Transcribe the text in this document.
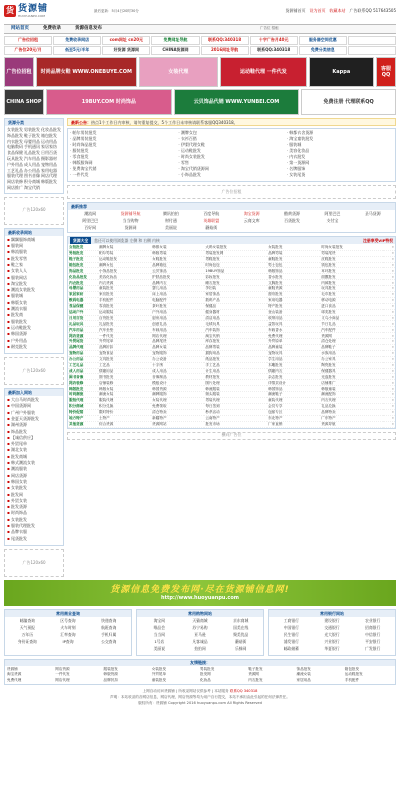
货 货源铺
HUOYUANPU.COM
最后更新：5月4日20时30分	货源铺首页 设为首页 收藏本站 广告联系QQ 517643505
广告位 招租
网站首页	免费收录	货源信息发布
广告位招租	免费收录网店	com网址 cn20元	免费网址导航	联系QQ:340318	十字广告月40元	服务器空间优惠
广告位20元/月	低至5元/半年	好货源 货源网	CHINA货源网	2016网址导航	联系QQ:340318	免费分类信息
广告位招租	时尚品牌女鞋 WWW.ONEBUYE.COM	女装代理	运动鞋代理 一件代发	Kappa	客服QQ
CHINA SHOP	19BUY.COM 时尚饰品	云贝饰品代销 WWW.YUNBEI.COM	免费注册 代理联系QQ
货源分类
女装批发 男装批发 化妆品批发
饰品批发 鞋子批发 箱包批发
内衣批发 母婴用品 运动用品
电脑数码 手机通讯 家居家纺
食品保健 礼品批发 日用百货
玩具批发 汽车用品 摄影器材
户外用品 成人用品 宠物用品
工艺礼品 办公用品 家用电器
服装代理 图书音像 网店代理
网店装修 积分商城 韩版批发
网店推广 淘宝代销
广告120x60
最新收录网站
▪ 飘飘服饰商城
▪ 服装网
▪ 韩流服装
▪ 批发零售
▪ 鞋之家
▪ 女装人人
▪ 服装网店
▪ 淘宝批发
▪ 潮流女装批发
▪ 服装城
▪ 韩版女装
▪ 潮流衣服
▪ 批发商
▪ 服装批发
▪ 运动鞋批发
▪ 韩国货源
▪ 户外用品
▪ 耐克批发
广告120x60
最新加入网站
▪ 大自马时尚批发
▪ 中国货源网
▪ 广州户外服装
▪ 金夏天货源批发
▪ 湖州货源
▪ 饰品批发
▪ 【诚信供应】
▪ 外贸尾单
▪ 湖北女装
▪ 批发商城
▪ 韩式潮流女装
▪ 潮流服装
▪ 网店货源
▪ 韩国女装
▪ 女装批发
▪ 批发网
▪ 外贸女装
▪ 批发货源
▪ 时尚饰品
▪ 女装批发
▪ 服装代理批发
▪ 品牌衣服
▪ 尾货批发
广告120x60
最新公告：热点1个工作日内审核，请勿重复提交，5个工作日未审核请联系客服QQ340318。
· 帕尔男装批发	· 潮牌女包	· 韩都衣舍货源
· 品牌男装批发	· 衣衫百搭	· 淘宝童装批发
· 时尚饰品批发	· 伊梨代理女鞋	· 服装城
· 服装批发	· 运动鞋批发	· 美容化妆品
· 零食批发	· 时尚女装批发	· 内衣批发
· 韩版服饰网	· 零售	· 第一货源网
· 免费淘宝代销	· 淘宝代销货源网	· 名牌服饰
· 一件代发	· 小饰品批发	· 女装尾货
广告位招租
最新推荐
潮流网	货源铺导航	腾讯拍拍	百度导航	淘宝货源	酷黄货源	阿里巴巴	圣马货源
阿里巴巴	当当购物	财付通	英雄联盟	云商文库	百货批发	支付宝
百好网	货源网	美丽说	蘑菇街
货源大全	您还可以使用浏览器 左侧 和 右侧 内核	注册享受VIP特权
女装批发	潮牌女装	韩都女装	大码女装批发	女装批发	时尚女装批发	»
男装批发	帕尔男装	韩版男装	男装批发网	品牌男装	男装尾货	»
鞋子批发	运动鞋批发	女鞋批发	男鞋批发	童鞋批发	皮鞋批发	»
箱包批发	潮牌女包	品牌箱包	时尚包包	男士包包	钱包批发	»
饰品批发	小饰品批发	云贝饰品	19BUY饰品	韩版饰品	耳环批发	»
化妆品批发	美容化妆品	护肤品批发	彩妆批发	香水批发	面膜批发	»
内衣批发	内衣货源	品牌内衣	睡衣批发	文胸批发	内裤批发	»
母婴用品	童装批发	婴儿用品	孕妇装	童鞋货源	玩具批发	»
家居家纺	家纺批发	床上用品	家居饰品	窗帘批发	毛巾批发	»
数码电器	手机配件	电脑配件	数码产品	家用电器	移动电源	»
食品保健	零食批发	茶叶批发	保健品	特产批发	进口食品	»
运动户外	运动服装	户外用品	健身器材	登山装备	球类批发	»
日用百货	百货批发	厨房用品	清洁用品	收纳用品	义乌小商品	»
礼品玩具	礼品批发	创意礼品	毛绒玩具	益智玩具	节日礼品	»
汽车用品	汽车坐垫	车载用品	汽车装饰	车载香水	汽车配件	»
网店货源	一件代发	网店代理	淘宝代销	免费代理	货源网	»
外贸尾货	外贸尾单	品牌尾货	库存批发	外贸原单	清仓处理	»
品牌代理	品牌折扣	品牌女装	品牌男装	品牌童装	品牌鞋子	»
宠物用品	宠物食品	宠物服饰	猫狗用品	宠物玩具	水族用品	»
办公用品	文具批发	办公设备	纸品批发	学生用品	办公家具	»
工艺礼品	工艺品	十字绣	手工艺品	木雕批发	陶瓷批发	»
成人用品	情趣用品	成人用品	计生用品	情趣内衣	保健器具	»
图书音像	图书批发	音像制品	教材批发	杂志批发	光盘批发	»
网店装修	店铺装修	模板设计	图片处理	详情页设计	店铺推广	»
韩版批发	韩版女装	韩国货源	韩流服装	韩国饰品	韩版童装	»
时尚潮流	潮流女装	潮牌服饰	街头服装	潮流鞋子	潮流配饰	»
服装代理	服装代理	女装代理	男装代理	童装代理	内衣代理	»
积分商城	积分兑换	免费领取	每日签到	会员专享	礼品兑换	»
特价促销	限时特价	清仓特卖	秒杀活动	包邮专区	品牌特卖	»
地方特产	土特产	新疆特产	云南特产	东北特产	广东特产	»
其他货源	综合货源	货源网站	批发市场	厂家直销	货源导航	»
横向广告位
货源信息免费发布网·尽在货源铺信息网!
http://www.huoyuanpu.com
常用商业查询
邮编查询	区号查询	快递查询
天气预报	火车时刻	航班查询
万年历	汇率查询	手机归属
身份证查询	IP查询	公交查询
常用购物网站
淘宝网	天猫商城	京东商城
唯品会	苏宁易购	国美在线
当当网	亚马逊	聚美优品
1号店	凡客诚品	蘑菇街
美丽说	拍拍网	乐蜂网
常用银行网站
工商银行	建设银行	农业银行
中国银行	交通银行	招商银行
民生银行	光大银行	中信银行
浦发银行	兴业银行	平安银行
邮政储蓄	华夏银行	广发银行
友情链接：
货源铺	网店货源	服装批发	女装批发	男装批发	鞋子批发	饰品批发	箱包批发
淘宝货源	一件代发	韩版货源	外贸尾单	批发网	货源网	潮流女装	运动鞋批发
免费代理	网店代理	品牌折扣	童装批发	化妆品	内衣批发	家居用品	手机配件
上网自动访问货源铺 | 所收录网站仅供参考 | 本站服务 联系QQ 340318
声明：本站收录的各网店信息，网店代理，网店货源等均为用户自行提交，本站不承担由此引起的任何法律责任。
版权所有：货源铺 Copyright 2016 huoyuanpu.com All Rights Reserved
